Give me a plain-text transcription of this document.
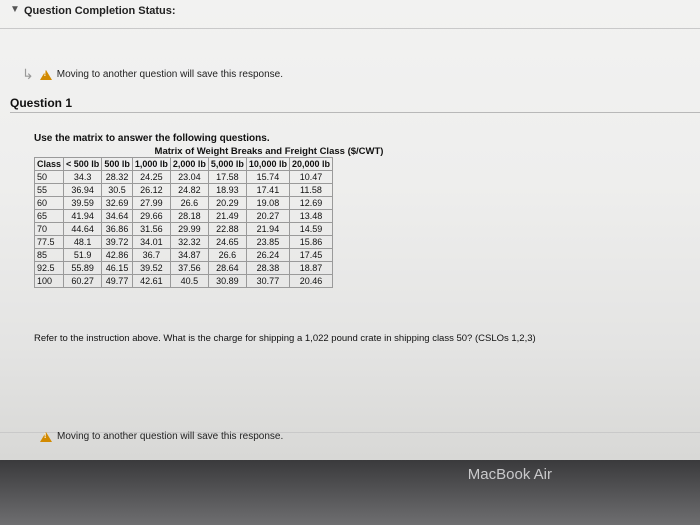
▼ Question Completion Status:
↳ ! Moving to another question will save this response.
Question 1
Use the matrix to answer the following questions.
Matrix of Weight Breaks and Freight Class ($/CWT)
Class	< 500 lb	500 lb	1,000 lb	2,000 lb	5,000 lb	10,000 lb	20,000 lb
50	34.3	28.32	24.25	23.04	17.58	15.74	10.47
55	36.94	30.5	26.12	24.82	18.93	17.41	11.58
60	39.59	32.69	27.99	26.6	20.29	19.08	12.69
65	41.94	34.64	29.66	28.18	21.49	20.27	13.48
70	44.64	36.86	31.56	29.99	22.88	21.94	14.59
77.5	48.1	39.72	34.01	32.32	24.65	23.85	15.86
85	51.9	42.86	36.7	34.87	26.6	26.24	17.45
92.5	55.89	46.15	39.52	37.56	28.64	28.38	18.87
100	60.27	49.77	42.61	40.5	30.89	30.77	20.46
Refer to the instruction above. What is the charge for shipping a 1,022 pound crate in shipping class 50? (CSLOs 1,2,3)
!
Moving to another question will save this response.
MacBook Air
